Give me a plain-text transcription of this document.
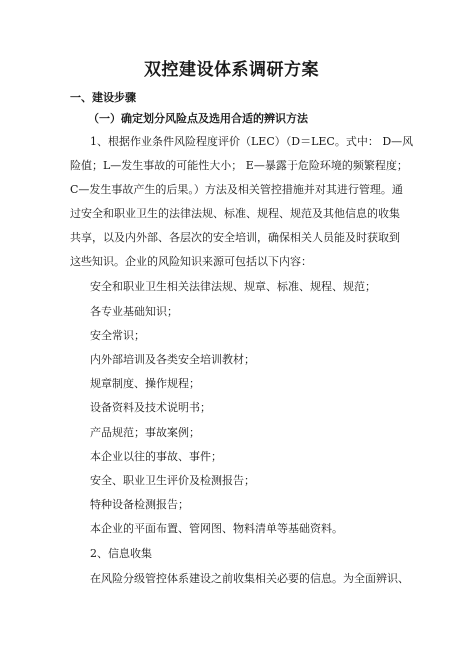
双控建设体系调研方案
一、建设步骤
（一）确定划分风险点及选用合适的辨识方法
1、根据作业条件风险程度评价（LEC）（D＝LEC。式中： D—风
险值；L—发生事故的可能性大小； E—暴露于危险环境的频繁程度；
C—发生事故产生的后果。）方法及相关管控措施并对其进行管理。通
过安全和职业卫生的法律法规、标准、规程、规范及其他信息的收集
共享，以及内外部、各层次的安全培训，确保相关人员能及时获取到
这些知识。企业的风险知识来源可包括以下内容：
安全和职业卫生相关法律法规、规章、标准、规程、规范；
各专业基础知识；
安全常识；
内外部培训及各类安全培训教材；
规章制度、操作规程；
设备资料及技术说明书；
产品规范；事故案例；
本企业以往的事故、事件；
安全、职业卫生评价及检测报告；
特种设备检测报告；
本企业的平面布置、管网图、物料清单等基础资料。
2、信息收集
在风险分级管控体系建设之前收集相关必要的信息。为全面辨识、
